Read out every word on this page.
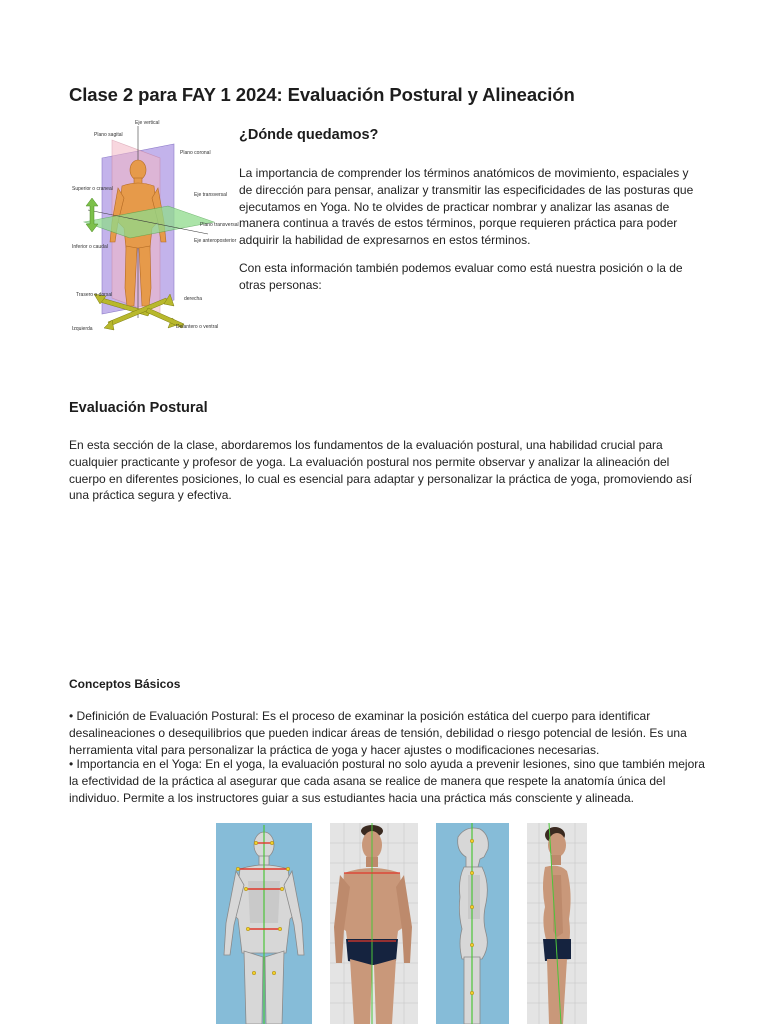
Clase 2 para FAY 1 2024: Evaluación Postural y Alineación
Eje vertical
Plano sagital
Plano coronal
Superior o craneal
Eje transversal
Plano transversal
Eje anteroposterior
Inferior o caudal
Trasero o dorsal
derecha
Izquierda	Delantero o ventral
¿Dónde quedamos?

La importancia de comprender los términos anatómicos de movimiento, espaciales y de dirección para pensar, analizar y transmitir las especificidades de las posturas que ejecutamos en Yoga. No te olvides de practicar nombrar y analizar las asanas de manera continua a través de estos términos, porque requieren práctica para poder adquirir la habilidad de expresarnos en estos términos.

Con esta información también podemos evaluar como está nuestra posición o la de otras personas:

Evaluación Postural

En esta sección de la clase, abordaremos los fundamentos de la evaluación postural, una habilidad crucial para cualquier practicante y profesor de yoga. La evaluación postural nos permite observar y analizar la alineación del cuerpo en diferentes posiciones, lo cual es esencial para adaptar y personalizar la práctica de yoga, promoviendo así una práctica segura y efectiva.

Conceptos Básicos

• Definición de Evaluación Postural: Es el proceso de examinar la posición estática del cuerpo para identificar desalineaciones o desequilibrios que pueden indicar áreas de tensión, debilidad o riesgo potencial de lesión. Es una herramienta vital para personalizar la práctica de yoga y hacer ajustes o modificaciones necesarias.

• Importancia en el Yoga: En el yoga, la evaluación postural no solo ayuda a prevenir lesiones, sino que también mejora la efectividad de la práctica al asegurar que cada asana se realice de manera que respete la anatomía única del individuo. Permite a los instructores guiar a sus estudiantes hacia una práctica más consciente y alineada.
